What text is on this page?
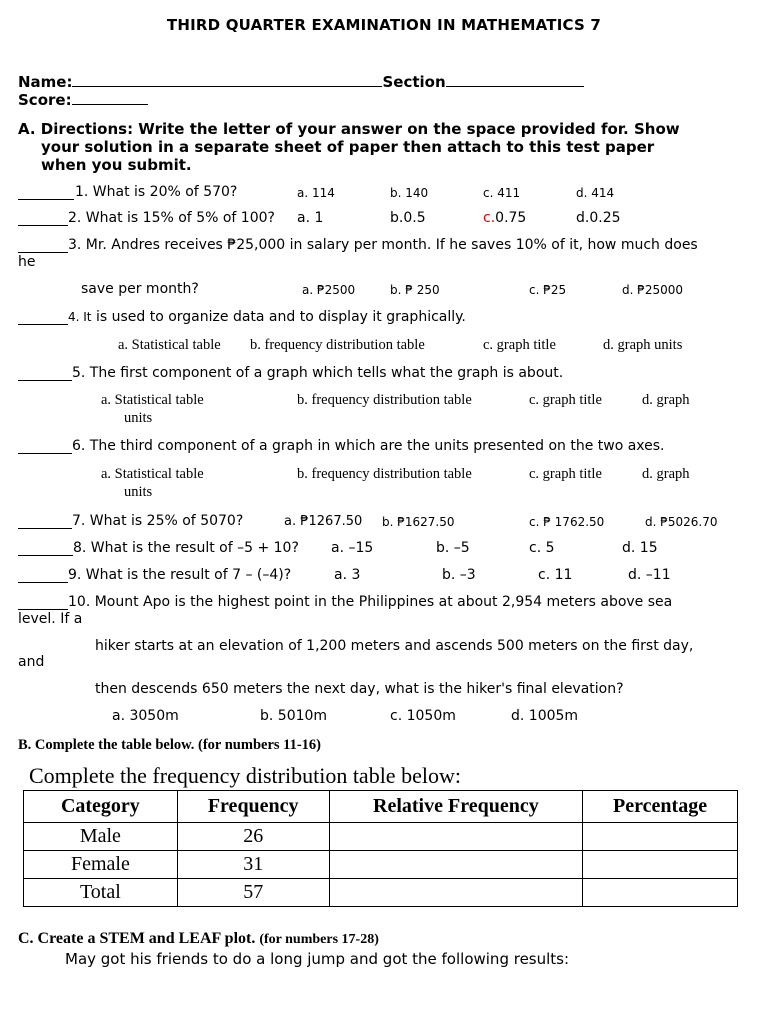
THIRD QUARTER EXAMINATION IN MATHEMATICS 7
Name:	Section
Score:
A. Directions: Write the letter of your answer on the space provided for. Show
your solution in a separate sheet of paper then attach to this test paper
when you submit.
1. What is 20% of 570?	a. 114	b. 140	c. 411	d. 414
2. What is 15% of 5% of 100? a. 1	b.0.5	c.0.75	d.0.25
3. Mr. Andres receives ₱25,000 in salary per month. If he saves 10% of it, how much does
he
save per month?	a. ₱2500	b. ₱ 250	c. ₱25	d. ₱25000
4. It is used to organize data and to display it graphically.
a. Statistical table b. frequency distribution table	c. graph title	d. graph units
5. The first component of a graph which tells what the graph is about.
a. Statistical table
units
b. frequency distribution table	c. graph title	d. graph
6. The third component of a graph in which are the units presented on the two axes.
a. Statistical table
units
b. frequency distribution table	c. graph title	d. graph
7. What is 25% of 5070?	a. ₱1267.50 b. ₱1627.50	c. ₱ 1762.50	d. ₱5026.70
8. What is the result of –5 + 10? a. –15	b. –5	c. 5	d. 15
9. What is the result of 7 – (–4)?	a. 3	b. –3	c. 11	d. –11
10. Mount Apo is the highest point in the Philippines at about 2,954 meters above sea
level. If a
hiker starts at an elevation of 1,200 meters and ascends 500 meters on the first day,
and
then descends 650 meters the next day, what is the hiker's final elevation?
a. 3050m	b. 5010m	c. 1050m	d. 1005m
B. Complete the table below. (for numbers 11-16)
Complete the frequency distribution table below:
Category	Frequency	Relative Frequency	Percentage
Male	26		
Female	31		
Total	57		
C. Create a STEM and LEAF plot. (for numbers 17-28)
May got his friends to do a long jump and got the following results:
